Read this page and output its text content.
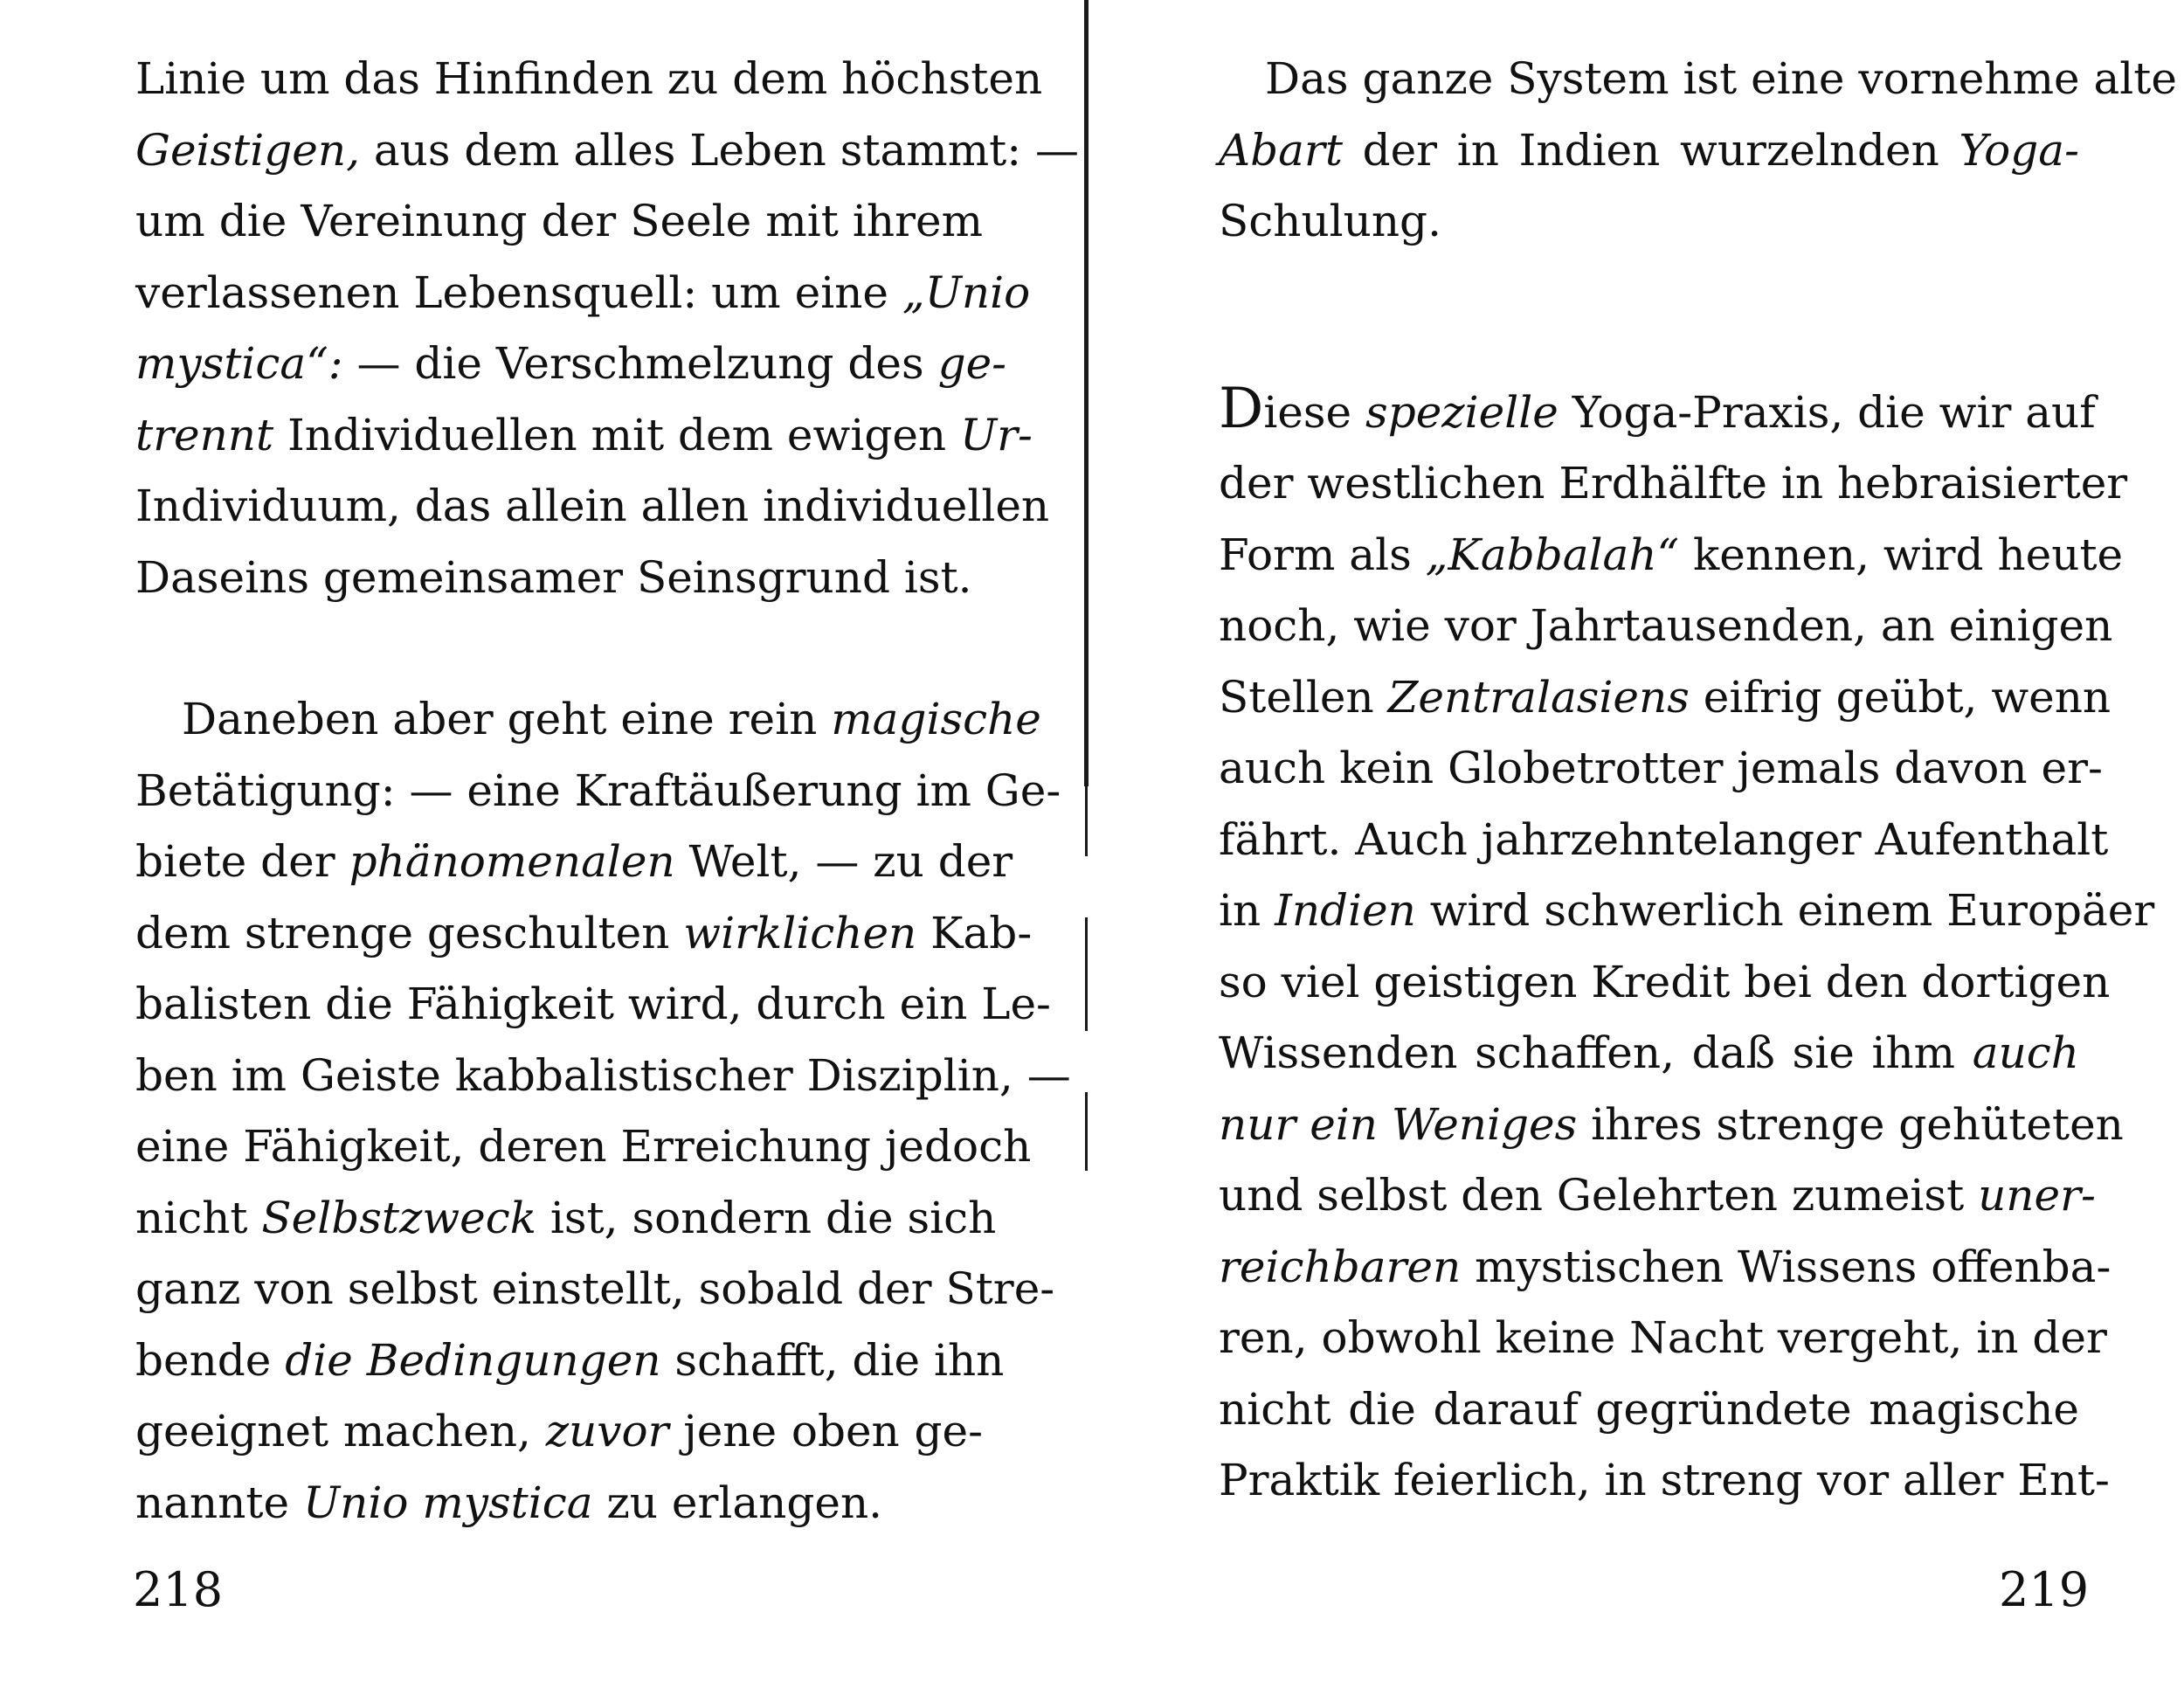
Linie um das Hinfinden zu dem höchsten
Geistigen, aus dem alles Leben stammt: —
um die Vereinung der Seele mit ihrem
verlassenen Lebensquell: um eine „Unio
mystica“: — die Verschmelzung des ge-
trennt Individuellen mit dem ewigen Ur-
Individuum, das allein allen individuellen
Daseins gemeinsamer Seinsgrund ist.

Daneben aber geht eine rein magische
Betätigung: — eine Kraftäußerung im Ge-
biete der phänomenalen Welt, — zu der
dem strenge geschulten wirklichen Kab-
balisten die Fähigkeit wird, durch ein Le-
ben im Geiste kabbalistischer Disziplin, —
eine Fähigkeit, deren Erreichung jedoch
nicht Selbstzweck ist, sondern die sich
ganz von selbst einstellt, sobald der Stre-
bende die Bedingungen schafft, die ihn
geeignet machen, zuvor jene oben ge-
nannte Unio mystica zu erlangen.

218

Das ganze System ist eine vornehme alte
Abart der in Indien wurzelnden Yoga-
Schulung.

Diese spezielle Yoga-Praxis, die wir auf
der westlichen Erdhälfte in hebraisierter
Form als „Kabbalah“ kennen, wird heute
noch, wie vor Jahrtausenden, an einigen
Stellen Zentralasiens eifrig geübt, wenn
auch kein Globetrotter jemals davon er-
fährt. Auch jahrzehntelanger Aufenthalt
in Indien wird schwerlich einem Europäer
so viel geistigen Kredit bei den dortigen
Wissenden schaffen, daß sie ihm auch
nur ein Weniges ihres strenge gehüteten
und selbst den Gelehrten zumeist uner-
reichbaren mystischen Wissens offenba-
ren, obwohl keine Nacht vergeht, in der
nicht die darauf gegründete magische
Praktik feierlich, in streng vor aller Ent-

219
